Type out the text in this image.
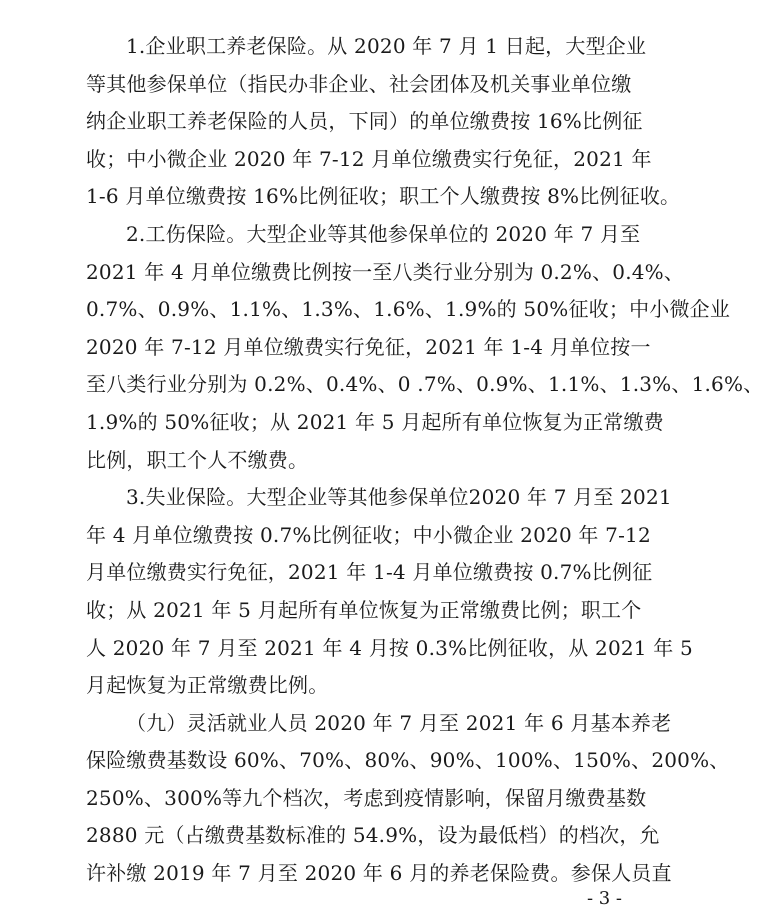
1.企业职工养老保险。从 2020 年 7 月 1 日起，大型企业
等其他参保单位（指民办非企业、社会团体及机关事业单位缴
纳企业职工养老保险的人员，下同）的单位缴费按 16%比例征
收；中小微企业 2020 年 7-12 月单位缴费实行免征，2021 年
1-6 月单位缴费按 16%比例征收；职工个人缴费按 8%比例征收。
2.工伤保险。大型企业等其他参保单位的 2020 年 7 月至
2021 年 4 月单位缴费比例按一至八类行业分别为 0.2%、0.4%、
0.7%、0.9%、1.1%、1.3%、1.6%、1.9%的 50%征收；中小微企业
2020 年 7-12 月单位缴费实行免征，2021 年 1-4 月单位按一
至八类行业分别为 0.2%、0.4%、0 .7%、0.9%、1.1%、1.3%、1.6%、
1.9%的 50%征收；从 2021 年 5 月起所有单位恢复为正常缴费
比例，职工个人不缴费。
3.失业保险。大型企业等其他参保单位2020 年 7 月至 2021
年 4 月单位缴费按 0.7%比例征收；中小微企业 2020 年 7-12
月单位缴费实行免征，2021 年 1-4 月单位缴费按 0.7%比例征
收；从 2021 年 5 月起所有单位恢复为正常缴费比例；职工个
人 2020 年 7 月至 2021 年 4 月按 0.3%比例征收，从 2021 年 5
月起恢复为正常缴费比例。
（九）灵活就业人员 2020 年 7 月至 2021 年 6 月基本养老
保险缴费基数设 60%、70%、80%、90%、100%、150%、200%、
250%、300%等九个档次，考虑到疫情影响，保留月缴费基数
2880 元（占缴费基数标准的 54.9%，设为最低档）的档次，允
许补缴 2019 年 7 月至 2020 年 6 月的养老保险费。参保人员直
- 3 -
